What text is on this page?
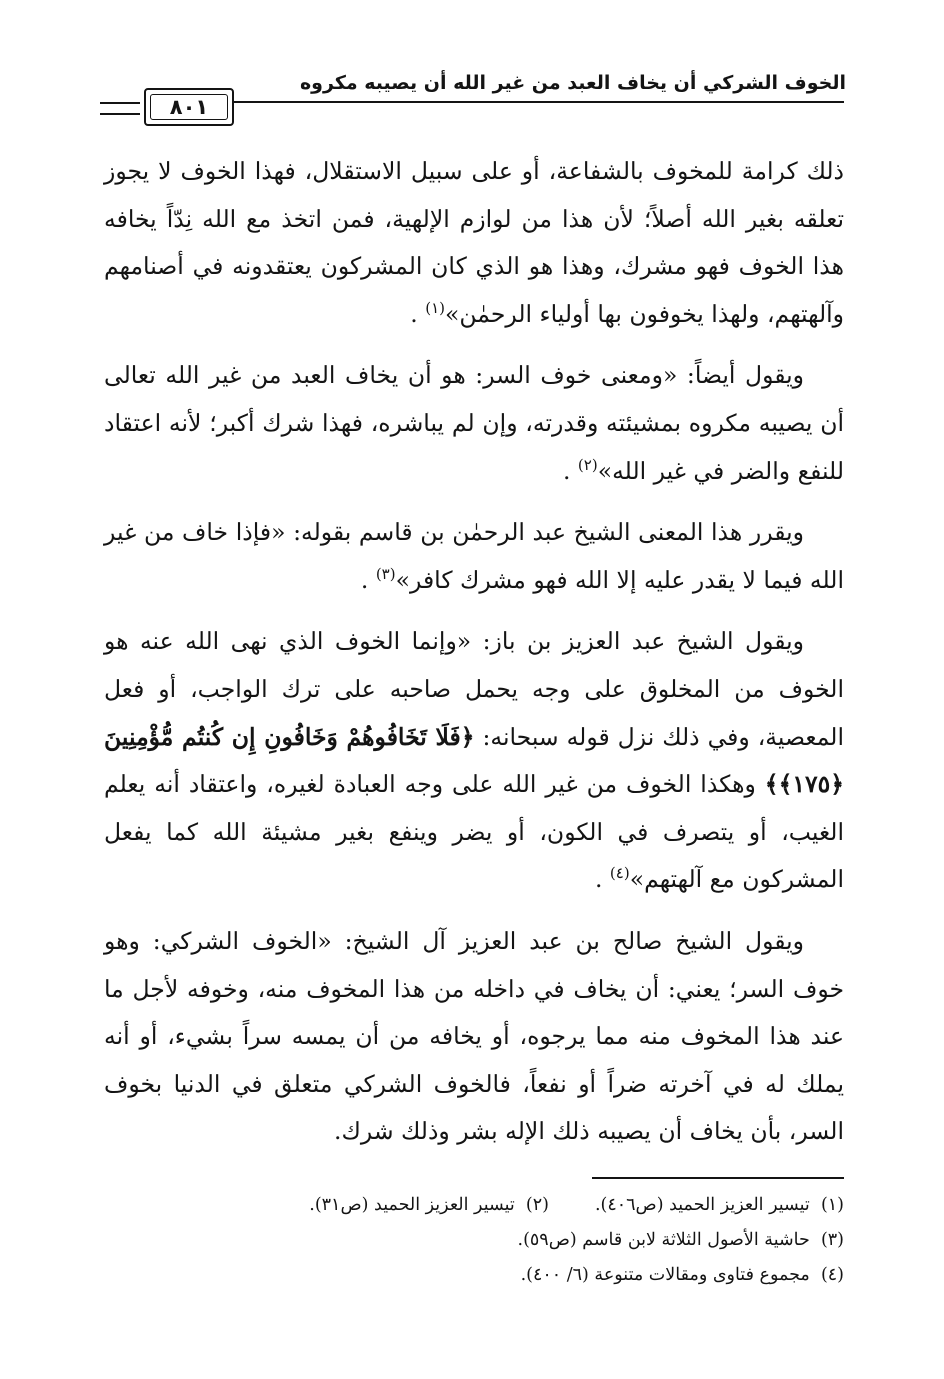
الخوف الشركي أن يخاف العبد من غير الله أن يصيبه مكروه
٨٠١

ذلك كرامة للمخوف بالشفاعة، أو على سبيل الاستقلال، فهذا الخوف لا يجوز تعلقه بغير الله أصلاً؛ لأن هذا من لوازم الإلهية، فمن اتخذ مع الله نِدّاً يخافه هذا الخوف فهو مشرك، وهذا هو الذي كان المشركون يعتقدونه في أصنامهم وآلهتهم، ولهذا يخوفون بها أولياء الرحمٰن»$^{(١)}$ .

ويقول أيضاً: «ومعنى خوف السر: هو أن يخاف العبد من غير الله تعالى أن يصيبه مكروه بمشيئته وقدرته، وإن لم يباشره، فهذا شرك أكبر؛ لأنه اعتقاد للنفع والضر في غير الله»$^{(٢)}$ .

ويقرر هذا المعنى الشيخ عبد الرحمٰن بن قاسم بقوله: «فإذا خاف من غير الله فيما لا يقدر عليه إلا الله فهو مشرك كافر»$^{(٣)}$ .

ويقول الشيخ عبد العزيز بن باز: «وإنما الخوف الذي نهى الله عنه هو الخوف من المخلوق على وجه يحمل صاحبه على ترك الواجب، أو فعل المعصية، وفي ذلك نزل قوله سبحانه: ﴿فَلَا تَخَافُوهُمْ وَخَافُونِ إِن كُنتُم مُّؤْمِنِينَ ﴿١٧٥﴾﴾ وهكذا الخوف من غير الله على وجه العبادة لغيره، واعتقاد أنه يعلم الغيب، أو يتصرف في الكون، أو يضر وينفع بغير مشيئة الله كما يفعل المشركون مع آلهتهم»$^{(٤)}$ .

ويقول الشيخ صالح بن عبد العزيز آل الشيخ: «الخوف الشركي: وهو خوف السر؛ يعني: أن يخاف في داخله من هذا المخوف منه، وخوفه لأجل ما عند هذا المخوف منه مما يرجوه، أو يخافه من أن يمسه سراً بشيء، أو أنه يملك له في آخرته ضراً أو نفعاً، فالخوف الشركي متعلق في الدنيا بخوف السر، بأن يخاف أن يصيبه ذلك الإله بشر وذلك شرك.

(١)  تيسير العزيز الحميد (ص٤٠٦).
(٢)  تيسير العزيز الحميد (ص٣١).
(٣)  حاشية الأصول الثلاثة لابن قاسم (ص٥٩).
(٤)  مجموع فتاوى ومقالات متنوعة (٦/ ٤٠٠).
